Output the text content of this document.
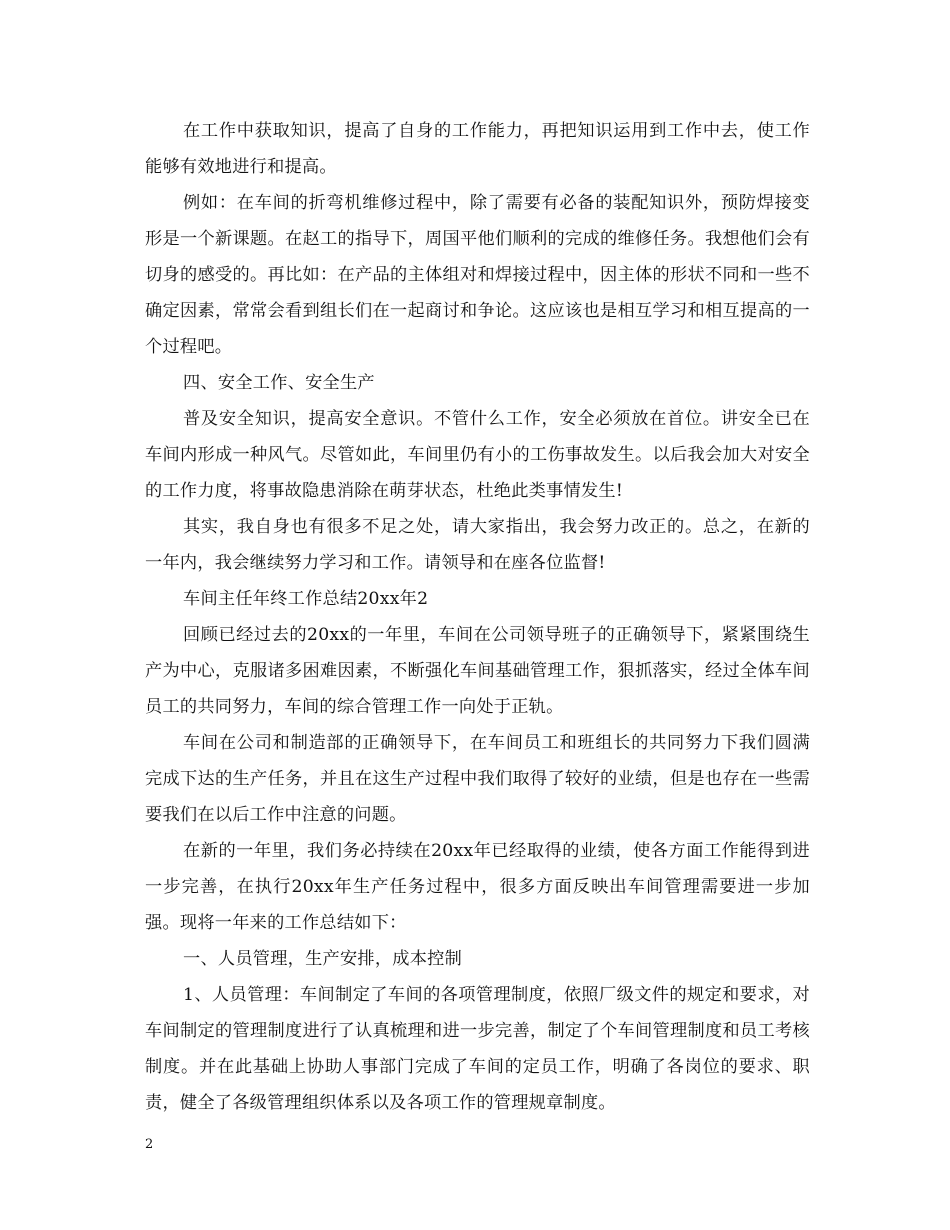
在工作中获取知识，提高了自身的工作能力，再把知识运用到工作中去，使工作能够有效地进行和提高。

例如：在车间的折弯机维修过程中，除了需要有必备的装配知识外，预防焊接变形是一个新课题。在赵工的指导下，周国平他们顺利的完成的维修任务。我想他们会有切身的感受的。再比如：在产品的主体组对和焊接过程中，因主体的形状不同和一些不确定因素，常常会看到组长们在一起商讨和争论。这应该也是相互学习和相互提高的一个过程吧。

四、安全工作、安全生产

普及安全知识，提高安全意识。不管什么工作，安全必须放在首位。讲安全已在车间内形成一种风气。尽管如此，车间里仍有小的工伤事故发生。以后我会加大对安全的工作力度，将事故隐患消除在萌芽状态，杜绝此类事情发生!

其实，我自身也有很多不足之处，请大家指出，我会努力改正的。总之，在新的一年内，我会继续努力学习和工作。请领导和在座各位监督!

车间主任年终工作总结20xx年2

回顾已经过去的20xx的一年里，车间在公司领导班子的正确领导下，紧紧围绕生产为中心，克服诸多困难因素，不断强化车间基础管理工作，狠抓落实，经过全体车间员工的共同努力，车间的综合管理工作一向处于正轨。

车间在公司和制造部的正确领导下，在车间员工和班组长的共同努力下我们圆满完成下达的生产任务，并且在这生产过程中我们取得了较好的业绩，但是也存在一些需要我们在以后工作中注意的问题。

在新的一年里，我们务必持续在20xx年已经取得的业绩，使各方面工作能得到进一步完善，在执行20xx年生产任务过程中，很多方面反映出车间管理需要进一步加强。现将一年来的工作总结如下：

一、人员管理，生产安排，成本控制

1、人员管理：车间制定了车间的各项管理制度，依照厂级文件的规定和要求，对车间制定的管理制度进行了认真梳理和进一步完善，制定了个车间管理制度和员工考核制度。并在此基础上协助人事部门完成了车间的定员工作，明确了各岗位的要求、职责，健全了各级管理组织体系以及各项工作的管理规章制度。

2
